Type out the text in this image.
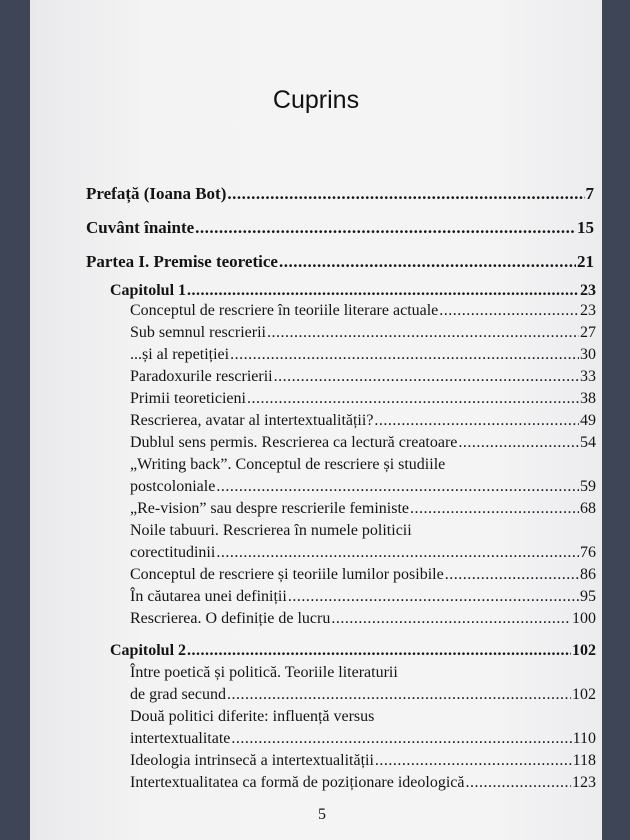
Cuprins
Prefață (Ioana Bot) .....	7
Cuvânt înainte .....	15
Partea I. Premise teoretice .....	21
Capitolul 1 .....	23
Conceptul de rescriere în teoriile literare actuale .....	23
Sub semnul rescrierii .....	27
...și al repetiției .....	30
Paradoxurile rescrierii .....	33
Primii teoreticieni .....	38
Rescrierea, avatar al intertextualității? .....	49
Dublul sens permis. Rescrierea ca lectură creatoare .....	54
„Writing back”. Conceptul de rescriere și studiile
postcoloniale .....	59
„Re-vision” sau despre rescrierile feministe .....	68
Noile tabuuri. Rescrierea în numele politicii
corectitudinii .....	76
Conceptul de rescriere și teoriile lumilor posibile .....	86
În căutarea unei definiții .....	95
Rescrierea. O definiție de lucru .....	100
Capitolul 2 .....	102
Între poetică și politică. Teoriile literaturii
de grad secund .....	102
Două politici diferite: influență versus
intertextualitate .....	110
Ideologia intrinsecă a intertextualității .....	118
Intertextualitatea ca formă de poziționare ideologică .....	123
5
